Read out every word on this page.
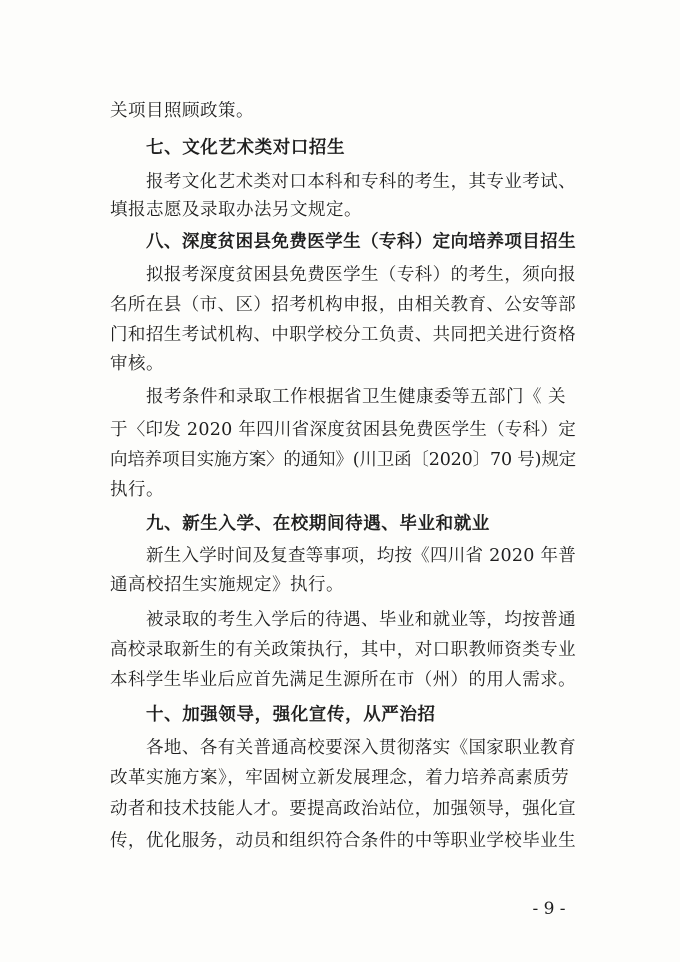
关项目照顾政策。
七、文化艺术类对口招生
报考文化艺术类对口本科和专科的考生，其专业考试、
填报志愿及录取办法另文规定。
八、深度贫困县免费医学生（专科）定向培养项目招生
拟报考深度贫困县免费医学生（专科）的考生，须向报
名所在县（市、区）招考机构申报，由相关教育、公安等部
门和招生考试机构、中职学校分工负责、共同把关进行资格
审核。
报考条件和录取工作根据省卫生健康委等五部门《 关
于〈印发 2020 年四川省深度贫困县免费医学生（专科）定
向培养项目实施方案〉的通知》(川卫函〔2020〕70 号)规定
执行。
九、新生入学、在校期间待遇、毕业和就业
新生入学时间及复查等事项，均按《四川省 2020 年普
通高校招生实施规定》执行。
被录取的考生入学后的待遇、毕业和就业等，均按普通
高校录取新生的有关政策执行，其中，对口职教师资类专业
本科学生毕业后应首先满足生源所在市（州）的用人需求。
十、加强领导，强化宣传，从严治招
各地、各有关普通高校要深入贯彻落实《国家职业教育
改革实施方案》，牢固树立新发展理念，着力培养高素质劳
动者和技术技能人才。要提高政治站位，加强领导，强化宣
传，优化服务，动员和组织符合条件的中等职业学校毕业生
- 9 -
